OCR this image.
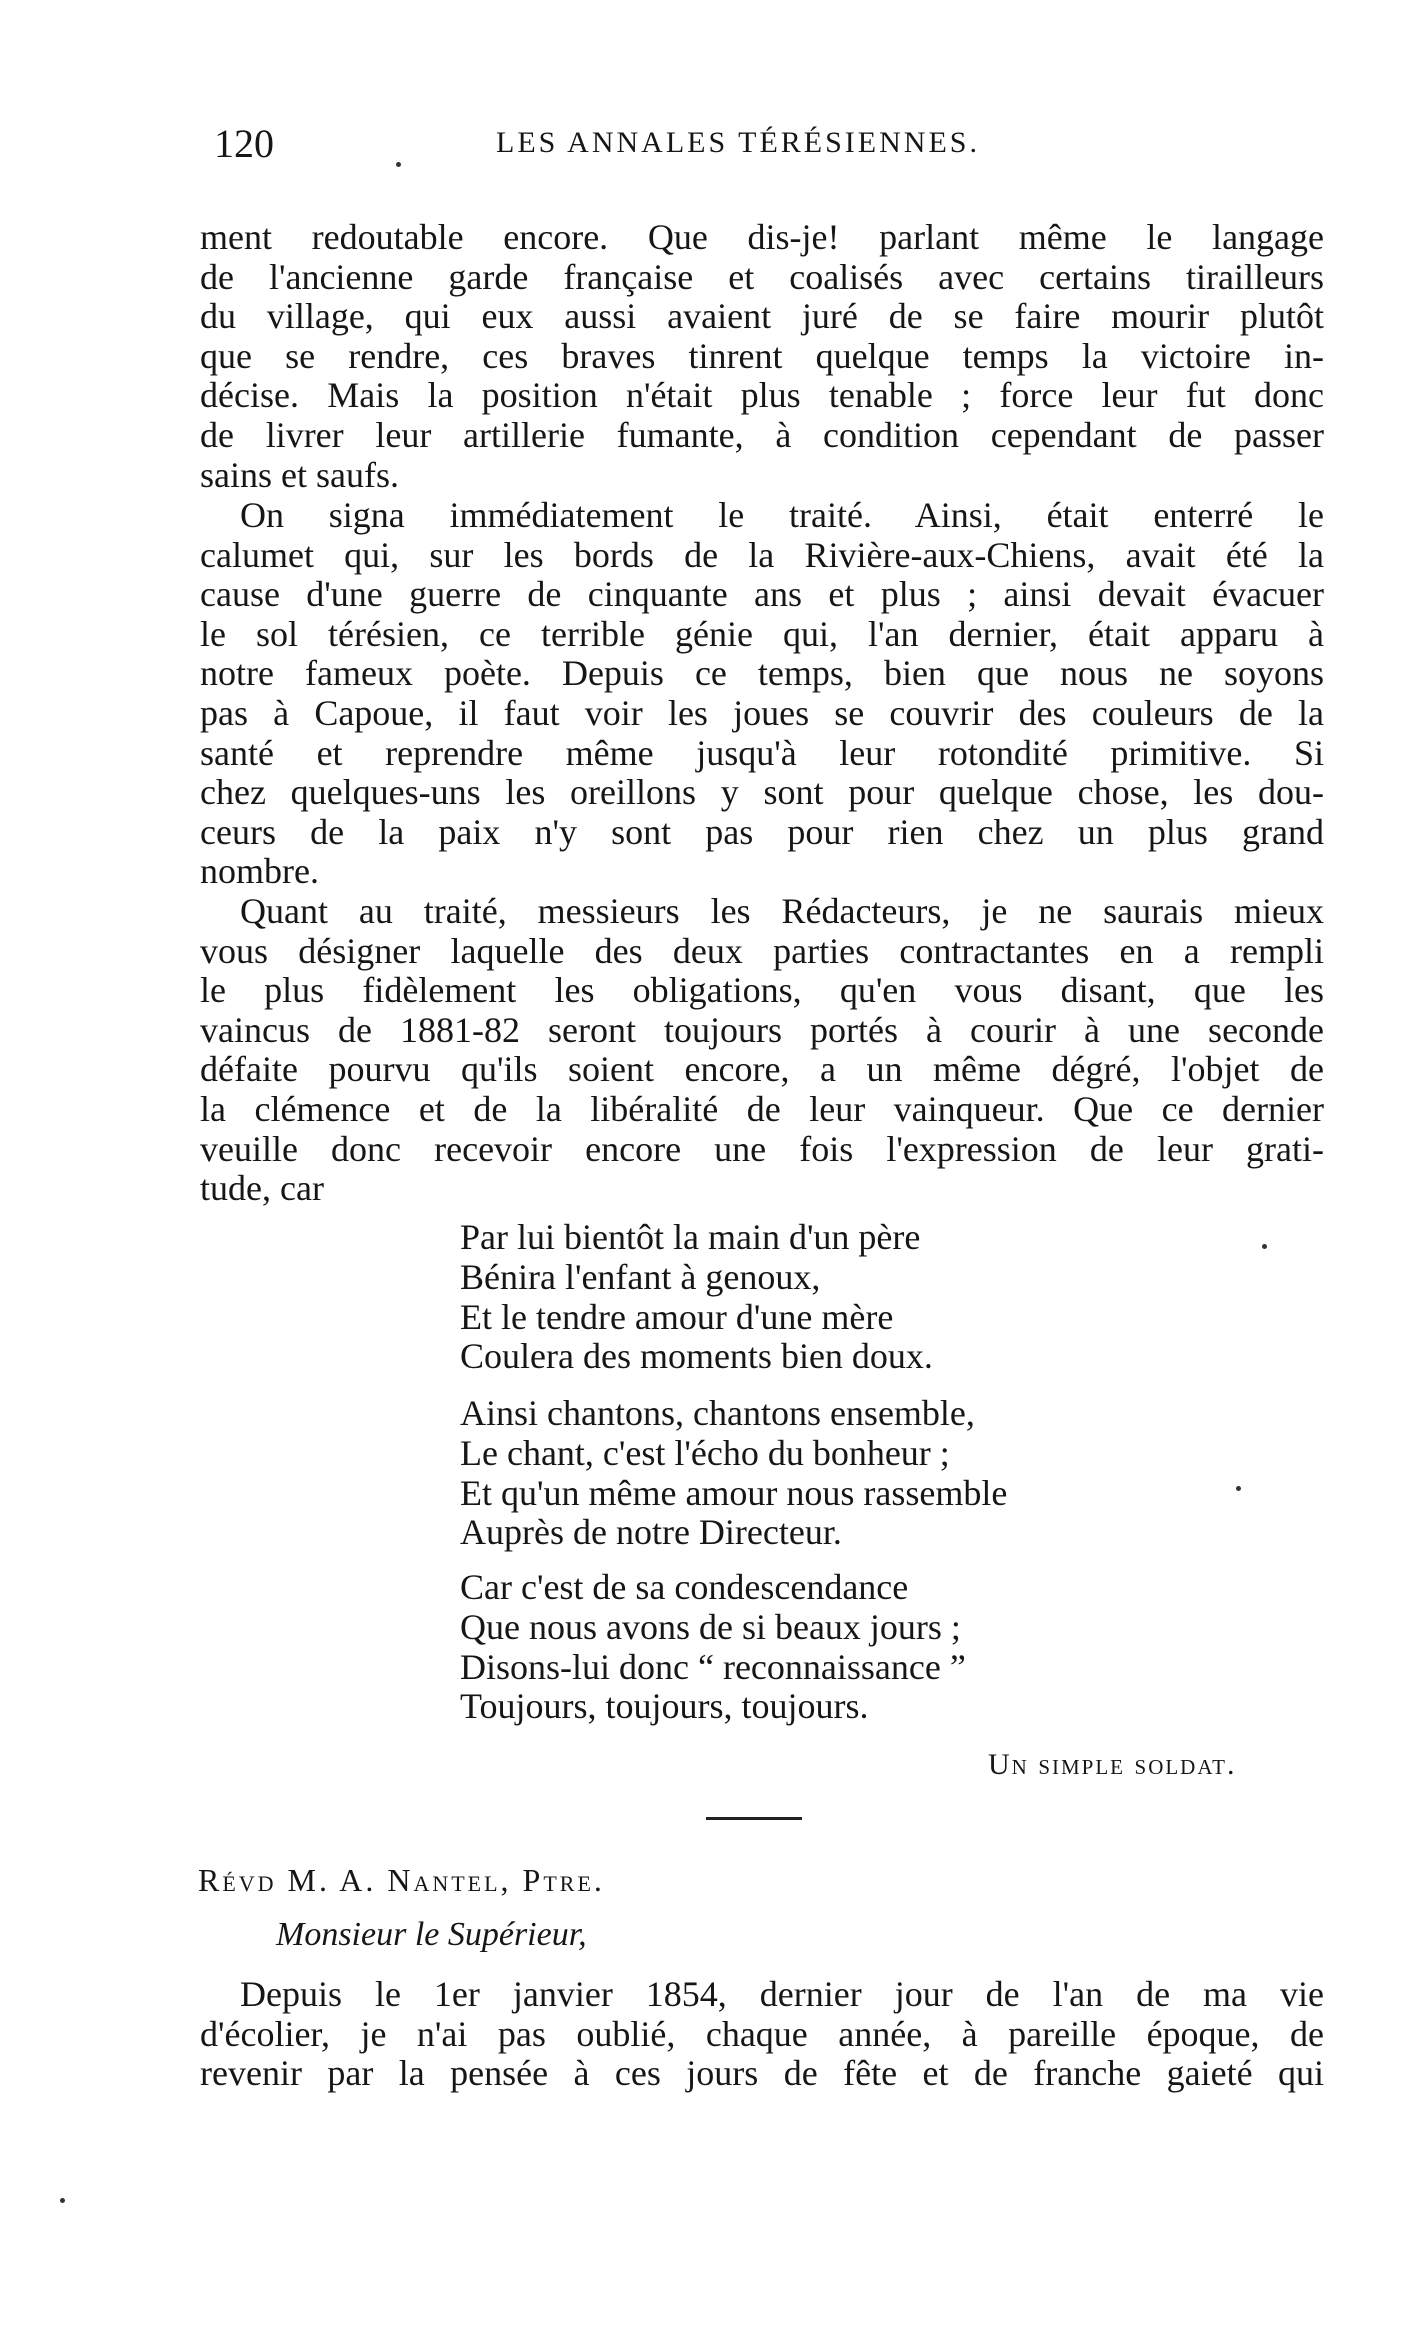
120	LES ANNALES TÉRÉSIENNES.
ment redoutable encore. Que dis-je! parlant même le langage
de l'ancienne garde française et coalisés avec certains tirailleurs
du village, qui eux aussi avaient juré de se faire mourir plutôt
que se rendre, ces braves tinrent quelque temps la victoire in-
décise. Mais la position n'était plus tenable ; force leur fut donc
de livrer leur artillerie fumante, à condition cependant de passer
sains et saufs.
On signa immédiatement le traité. Ainsi, était enterré le
calumet qui, sur les bords de la Rivière-aux-Chiens, avait été la
cause d'une guerre de cinquante ans et plus ; ainsi devait évacuer
le sol térésien, ce terrible génie qui, l'an dernier, était apparu à
notre fameux poète. Depuis ce temps, bien que nous ne soyons
pas à Capoue, il faut voir les joues se couvrir des couleurs de la
santé et reprendre même jusqu'à leur rotondité primitive. Si
chez quelques-uns les oreillons y sont pour quelque chose, les dou-
ceurs de la paix n'y sont pas pour rien chez un plus grand
nombre.
Quant au traité, messieurs les Rédacteurs, je ne saurais mieux
vous désigner laquelle des deux parties contractantes en a rempli
le plus fidèlement les obligations, qu'en vous disant, que les
vaincus de 1881-82 seront toujours portés à courir à une seconde
défaite pourvu qu'ils soient encore, a un même dégré, l'objet de
la clémence et de la libéralité de leur vainqueur. Que ce dernier
veuille donc recevoir encore une fois l'expression de leur grati-
tude, car
Par lui bientôt la main d'un père
Bénira l'enfant à genoux,
Et le tendre amour d'une mère
Coulera des moments bien doux.
Ainsi chantons, chantons ensemble,
Le chant, c'est l'écho du bonheur ;
Et qu'un même amour nous rassemble
Auprès de notre Directeur.
Car c'est de sa condescendance
Que nous avons de si beaux jours ;
Disons-lui donc “ reconnaissance ”
Toujours, toujours, toujours.
Un simple soldat.
Révd M. A. Nantel, Ptre.
Monsieur le Supérieur,
Depuis le 1er janvier 1854, dernier jour de l'an de ma vie
d'écolier, je n'ai pas oublié, chaque année, à pareille époque, de
revenir par la pensée à ces jours de fête et de franche gaieté qui
